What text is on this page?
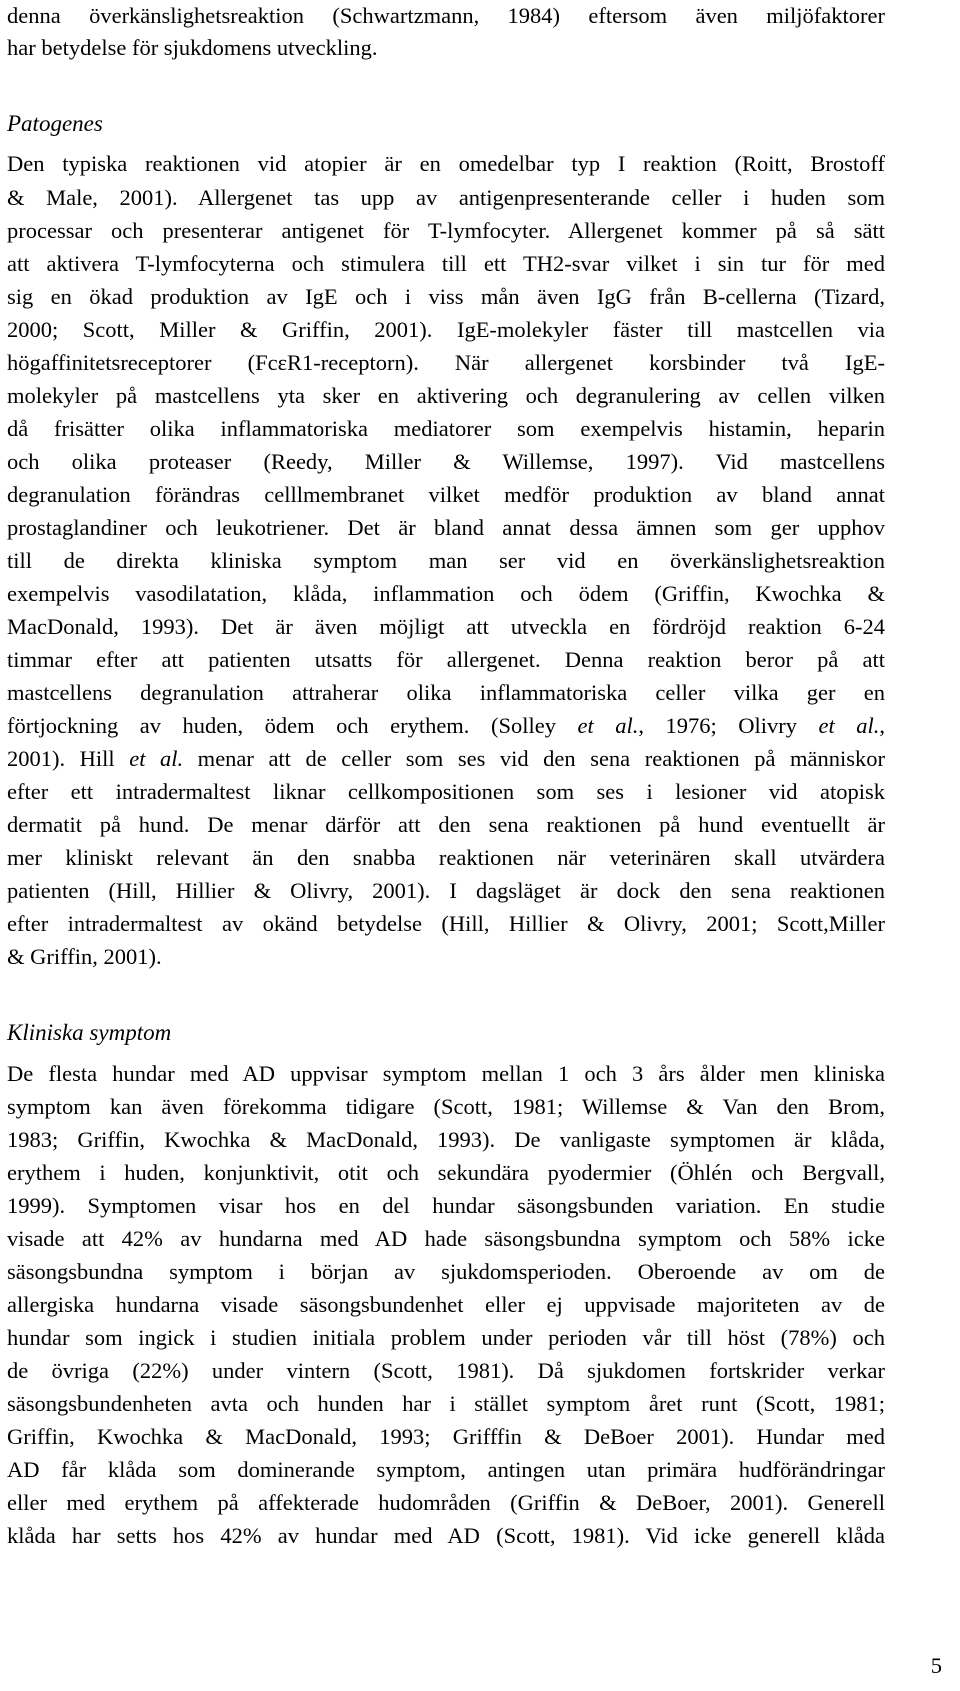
denna överkänslighetsreaktion (Schwartzmann, 1984) eftersom även miljöfaktorer
har betydelse för sjukdomens utveckling.
Patogenes
Den typiska reaktionen vid atopier är en omedelbar typ I reaktion (Roitt, Brostoff
& Male, 2001). Allergenet tas upp av antigenpresenterande celler i huden som
processar och presenterar antigenet för T-lymfocyter. Allergenet kommer på så sätt
att aktivera T-lymfocyterna och stimulera till ett TH2-svar vilket i sin tur för med
sig en ökad produktion av IgE och i viss mån även IgG från B-cellerna (Tizard,
2000; Scott, Miller & Griffin, 2001). IgE-molekyler fäster till mastcellen via
högaffinitetsreceptorer (FcεR1-receptorn). När allergenet korsbinder två IgE-
molekyler på mastcellens yta sker en aktivering och degranulering av cellen vilken
då frisätter olika inflammatoriska mediatorer som exempelvis histamin, heparin
och olika proteaser (Reedy, Miller & Willemse, 1997). Vid mastcellens
degranulation förändras celllmembranet vilket medför produktion av bland annat
prostaglandiner och leukotriener. Det är bland annat dessa ämnen som ger upphov
till de direkta kliniska symptom man ser vid en överkänslighetsreaktion
exempelvis vasodilatation, klåda, inflammation och ödem (Griffin, Kwochka &
MacDonald, 1993). Det är även möjligt att utveckla en fördröjd reaktion 6-24
timmar efter att patienten utsatts för allergenet. Denna reaktion beror på att
mastcellens degranulation attraherar olika inflammatoriska celler vilka ger en
förtjockning av huden, ödem och erythem. (Solley et al., 1976; Olivry et al.,
2001). Hill et al. menar att de celler som ses vid den sena reaktionen på människor
efter ett intradermaltest liknar cellkompositionen som ses i lesioner vid atopisk
dermatit på hund. De menar därför att den sena reaktionen på hund eventuellt är
mer kliniskt relevant än den snabba reaktionen när veterinären skall utvärdera
patienten (Hill, Hillier & Olivry, 2001). I dagsläget är dock den sena reaktionen
efter intradermaltest av okänd betydelse (Hill, Hillier & Olivry, 2001; Scott,Miller
& Griffin, 2001).
Kliniska symptom
De flesta hundar med AD uppvisar symptom mellan 1 och 3 års ålder men kliniska
symptom kan även förekomma tidigare (Scott, 1981; Willemse & Van den Brom,
1983; Griffin, Kwochka & MacDonald, 1993). De vanligaste symptomen är klåda,
erythem i huden, konjunktivit, otit och sekundära pyodermier (Öhlén och Bergvall,
1999). Symptomen visar hos en del hundar säsongsbunden variation. En studie
visade att 42% av hundarna med AD hade säsongsbundna symptom och 58% icke
säsongsbundna symptom i början av sjukdomsperioden. Oberoende av om de
allergiska hundarna visade säsongsbundenhet eller ej uppvisade majoriteten av de
hundar som ingick i studien initiala problem under perioden vår till höst (78%) och
de övriga (22%) under vintern (Scott, 1981). Då sjukdomen fortskrider verkar
säsongsbundenheten avta och hunden har i stället symptom året runt (Scott, 1981;
Griffin, Kwochka & MacDonald, 1993; Grifffin & DeBoer 2001). Hundar med
AD får klåda som dominerande symptom, antingen utan primära hudförändringar
eller med erythem på affekterade hudområden (Griffin & DeBoer, 2001). Generell
klåda har setts hos 42% av hundar med AD (Scott, 1981). Vid icke generell klåda
5
